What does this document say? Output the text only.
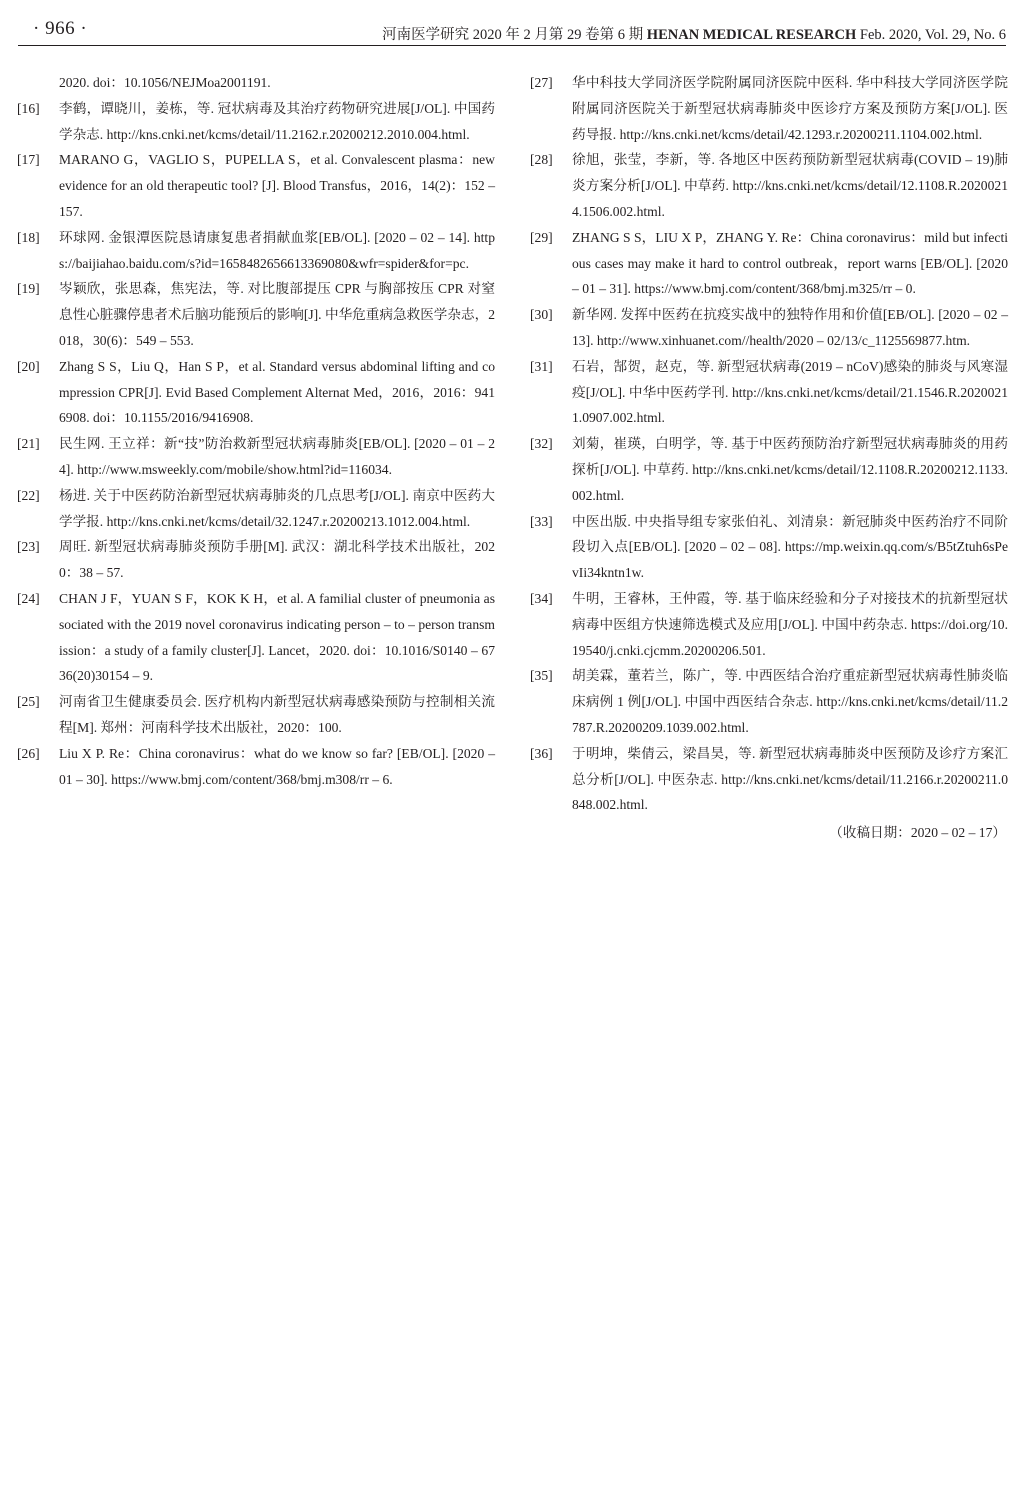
· 966 ·	河南医学研究 2020 年 2 月第 29 卷第 6 期 HENAN MEDICAL RESEARCH Feb. 2020, Vol. 29, No. 6
2020. doi：10.1056/NEJMoa2001191.
[16] 李鹤，谭晓川，姜栋，等. 冠状病毒及其治疗药物研究进展[J/OL]. 中国药学杂志. http://kns.cnki.net/kcms/detail/11.2162.r.20200212.2010.004.html.
[17] MARANO G，VAGLIO S，PUPELLA S，et al. Convalescent plasma：new evidence for an old therapeutic tool? [J]. Blood Transfus，2016，14(2)：152 – 157.
[18] 环球网. 金银潭医院恳请康复患者捐献血浆[EB/OL]. [2020 – 02 – 14]. https://baijiahao.baidu.com/s?id=1658482656613369080&wfr=spider&for=pc.
[19] 岑颖欣，张思森，焦宪法，等. 对比腹部提压 CPR 与胸部按压 CPR 对窒息性心脏骤停患者术后脑功能预后的影响[J]. 中华危重病急救医学杂志，2018，30(6)：549 – 553.
[20] Zhang S S，Liu Q，Han S P，et al. Standard versus abdominal lifting and compression CPR[J]. Evid Based Complement Alternat Med，2016，2016：9416908. doi：10.1155/2016/9416908.
[21] 民生网. 王立祥：新“技”防治救新型冠状病毒肺炎[EB/OL]. [2020 – 01 – 24]. http://www.msweekly.com/mobile/show.html?id=116034.
[22] 杨进. 关于中医药防治新型冠状病毒肺炎的几点思考[J/OL]. 南京中医药大学学报. http://kns.cnki.net/kcms/detail/32.1247.r.20200213.1012.004.html.
[23] 周旺. 新型冠状病毒肺炎预防手册[M]. 武汉：湖北科学技术出版社，2020：38 – 57.
[24] CHAN J F，YUAN S F，KOK K H，et al. A familial cluster of pneumonia associated with the 2019 novel coronavirus indicating person – to – person transmission：a study of a family cluster[J]. Lancet，2020. doi：10.1016/S0140 – 6736(20)30154 – 9.
[25] 河南省卫生健康委员会. 医疗机构内新型冠状病毒感染预防与控制相关流程[M]. 郑州：河南科学技术出版社，2020：100.
[26] Liu X P. Re：China coronavirus：what do we know so far? [EB/OL]. [2020 – 01 – 30]. https://www.bmj.com/content/368/bmj.m308/rr – 6.
[27] 华中科技大学同济医学院附属同济医院中医科. 华中科技大学同济医学院附属同济医院关于新型冠状病毒肺炎中医诊疗方案及预防方案[J/OL]. 医药导报. http://kns.cnki.net/kcms/detail/42.1293.r.20200211.1104.002.html.
[28] 徐旭，张莹，李新，等. 各地区中医药预防新型冠状病毒(COVID – 19)肺炎方案分析[J/OL]. 中草药. http://kns.cnki.net/kcms/detail/12.1108.R.20200214.1506.002.html.
[29] ZHANG S S，LIU X P，ZHANG Y. Re：China coronavirus：mild but infectious cases may make it hard to control outbreak，report warns [EB/OL]. [2020 – 01 – 31]. https://www.bmj.com/content/368/bmj.m325/rr – 0.
[30] 新华网. 发挥中医药在抗疫实战中的独特作用和价值[EB/OL]. [2020 – 02 – 13]. http://www.xinhuanet.com//health/2020 – 02/13/c_1125569877.htm.
[31] 石岩，郜贺，赵克，等. 新型冠状病毒(2019 – nCoV)感染的肺炎与风寒湿疫[J/OL]. 中华中医药学刊. http://kns.cnki.net/kcms/detail/21.1546.R.20200211.0907.002.html.
[32] 刘菊，崔瑛，白明学，等. 基于中医药预防治疗新型冠状病毒肺炎的用药探析[J/OL]. 中草药. http://kns.cnki.net/kcms/detail/12.1108.R.20200212.1133.002.html.
[33] 中医出版. 中央指导组专家张伯礼、刘清泉：新冠肺炎中医药治疗不同阶段切入点[EB/OL]. [2020 – 02 – 08]. https://mp.weixin.qq.com/s/B5tZtuh6sPevIi34kntn1w.
[34] 牛明，王睿林，王仲霞，等. 基于临床经验和分子对接技术的抗新型冠状病毒中医组方快速筛选模式及应用[J/OL]. 中国中药杂志. https://doi.org/10.19540/j.cnki.cjcmm.20200206.501.
[35] 胡美霖，董若兰，陈广，等. 中西医结合治疗重症新型冠状病毒性肺炎临床病例 1 例[J/OL]. 中国中西医结合杂志. http://kns.cnki.net/kcms/detail/11.2787.R.20200209.1039.002.html.
[36] 于明坤，柴倩云，梁昌昊，等. 新型冠状病毒肺炎中医预防及诊疗方案汇总分析[J/OL]. 中医杂志. http://kns.cnki.net/kcms/detail/11.2166.r.20200211.0848.002.html.
（收稿日期：2020 – 02 – 17）
